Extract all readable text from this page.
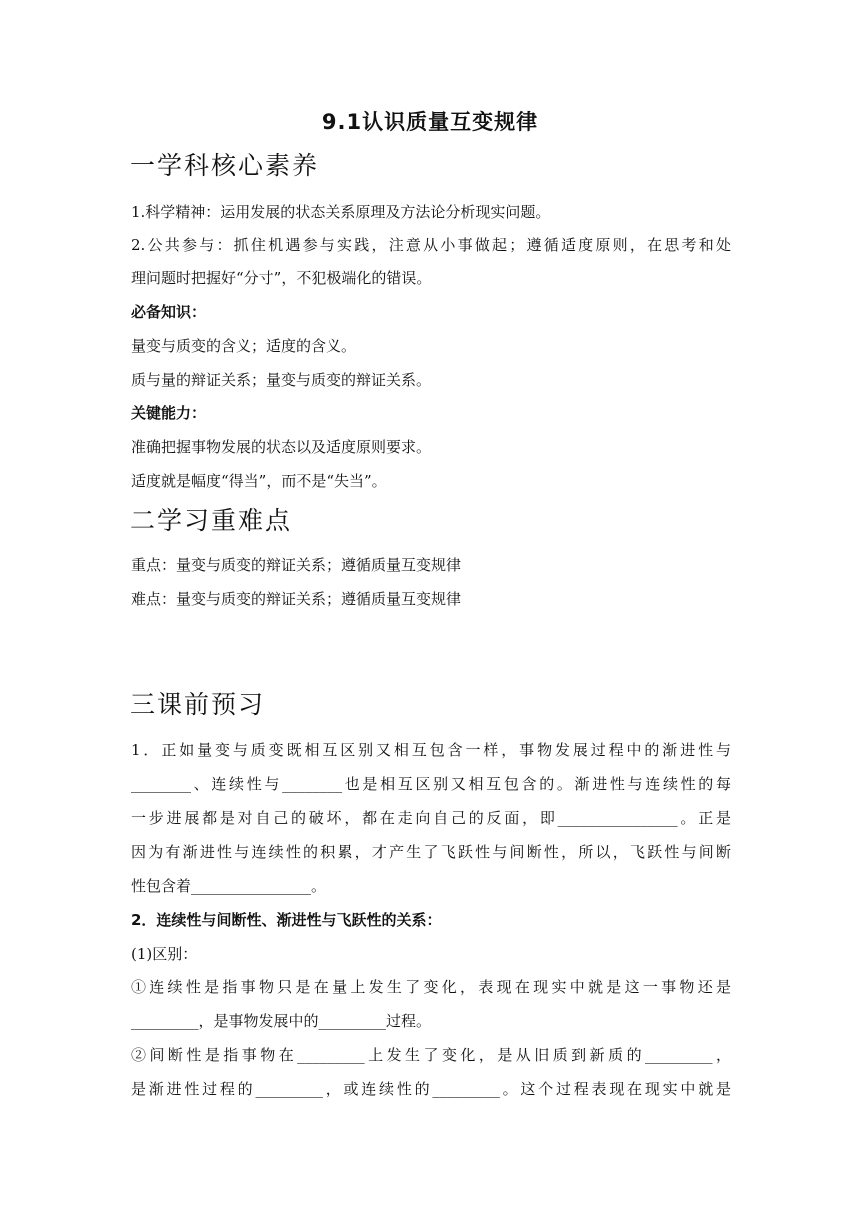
9.1认识质量互变规律
一学科核心素养
1.科学精神：运用发展的状态关系原理及方法论分析现实问题。
2.公共参与：抓住机遇参与实践，注意从小事做起；遵循适度原则，在思考和处
理问题时把握好“分寸”，不犯极端化的错误。
必备知识：
量变与质变的含义；适度的含义。
质与量的辩证关系；量变与质变的辩证关系。
关键能力：
准确把握事物发展的状态以及适度原则要求。
适度就是幅度“得当”，而不是“失当”。
二学习重难点
重点：量变与质变的辩证关系；遵循质量互变规律
难点：量变与质变的辩证关系；遵循质量互变规律
三课前预习
1．正如量变与质变既相互区别又相互包含一样，事物发展过程中的渐进性与
________、连续性与________也是相互区别又相互包含的。渐进性与连续性的每
一步进展都是对自己的破坏，都在走向自己的反面，即________________。正是
因为有渐进性与连续性的积累，才产生了飞跃性与间断性，所以，飞跃性与间断
性包含着________________。
2．连续性与间断性、渐进性与飞跃性的关系：
(1)区别：
①连续性是指事物只是在量上发生了变化，表现在现实中就是这一事物还是
_________，是事物发展中的_________过程。
②间断性是指事物在_________上发生了变化，是从旧质到新质的_________，
是渐进性过程的_________，或连续性的_________。这个过程表现在现实中就是
